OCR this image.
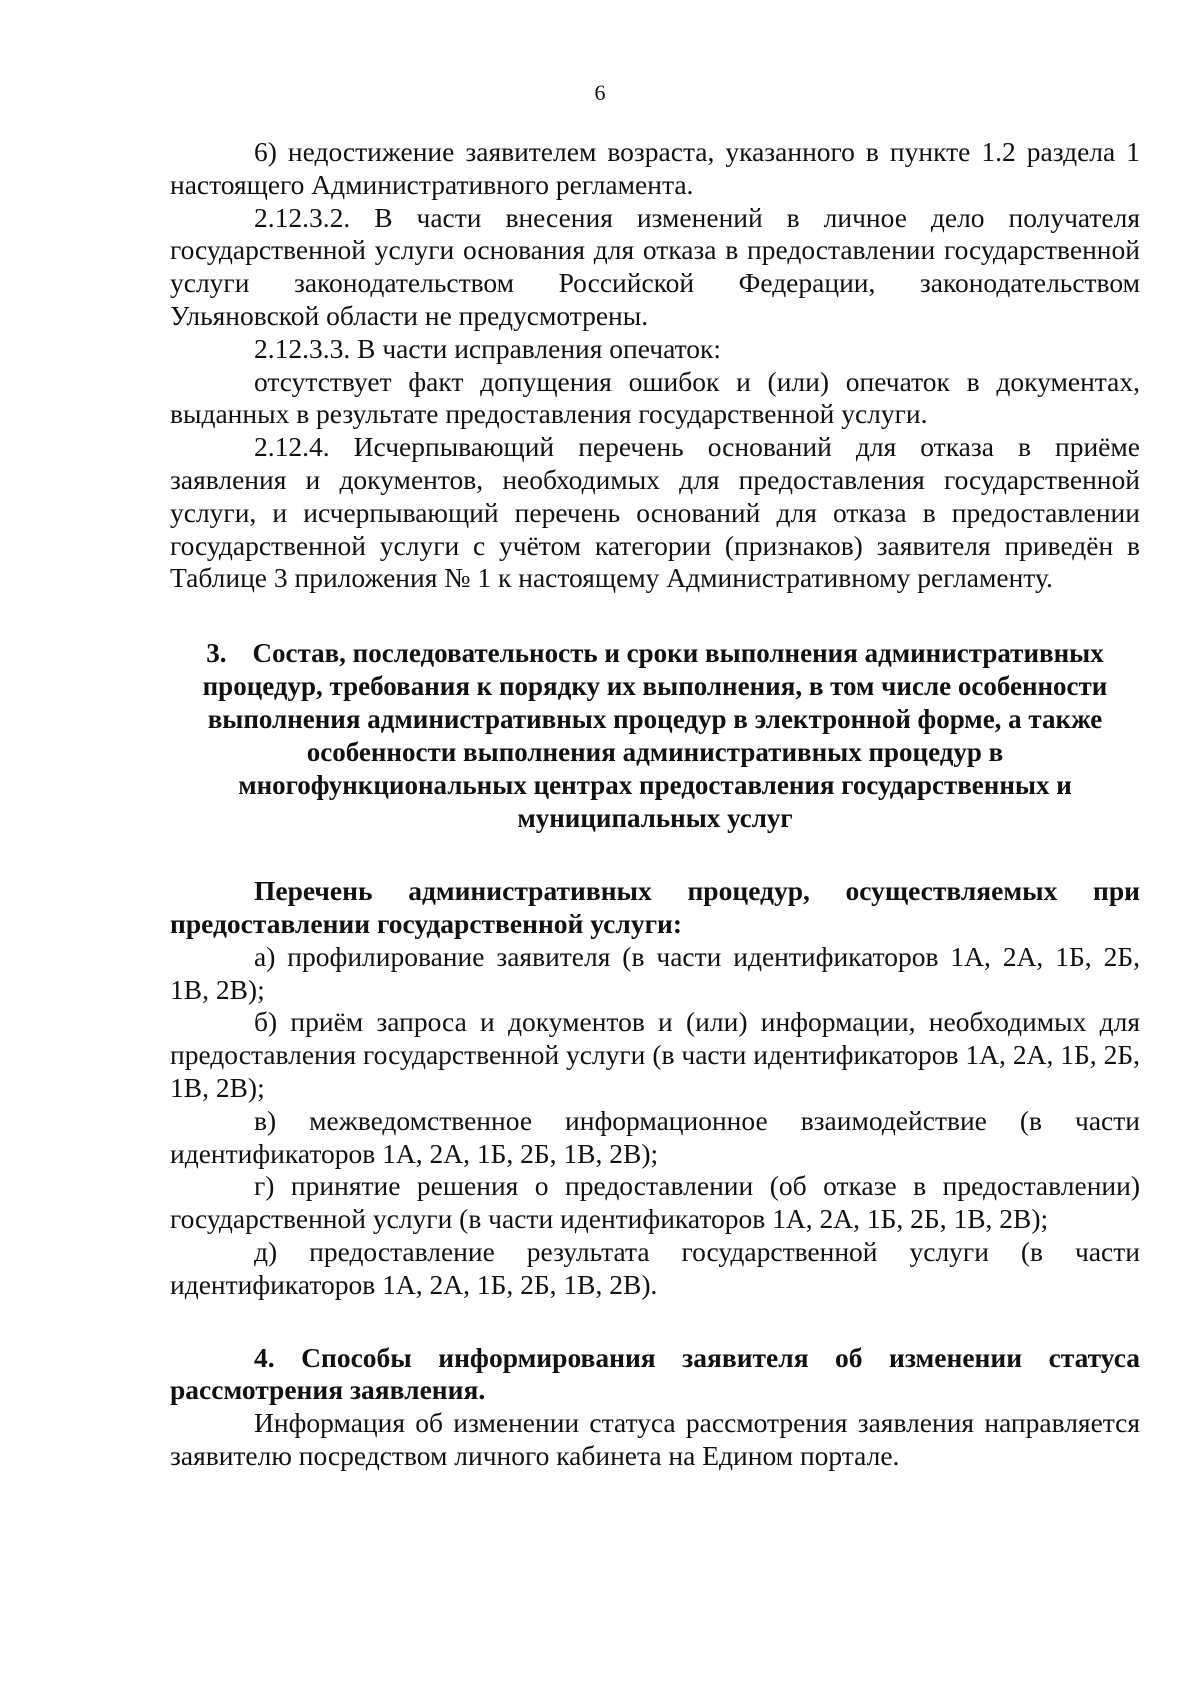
6

6) недостижение заявителем возраста, указанного в пункте 1.2 раздела 1 настоящего Административного регламента.

2.12.3.2. В части внесения изменений в личное дело получателя государственной услуги основания для отказа в предоставлении государственной услуги законодательством Российской Федерации, законодательством Ульяновской области не предусмотрены.

2.12.3.3. В части исправления опечаток:

отсутствует факт допущения ошибок и (или) опечаток в документах, выданных в результате предоставления государственной услуги.

2.12.4. Исчерпывающий перечень оснований для отказа в приёме заявления и документов, необходимых для предоставления государственной услуги, и исчерпывающий перечень оснований для отказа в предоставлении государственной услуги с учётом категории (признаков) заявителя приведён в Таблице 3 приложения № 1 к настоящему Административному регламенту.

3. Состав, последовательность и сроки выполнения административных процедур, требования к порядку их выполнения, в том числе особенности выполнения административных процедур в электронной форме, а также особенности выполнения административных процедур в многофункциональных центрах предоставления государственных и муниципальных услуг

Перечень административных процедур, осуществляемых при предоставлении государственной услуги:

а) профилирование заявителя (в части идентификаторов 1А, 2А, 1Б, 2Б, 1В, 2В);

б) приём запроса и документов и (или) информации, необходимых для предоставления государственной услуги (в части идентификаторов 1А, 2А, 1Б, 2Б, 1В, 2В);

в) межведомственное информационное взаимодействие (в части идентификаторов 1А, 2А, 1Б, 2Б, 1В, 2В);

г) принятие решения о предоставлении (об отказе в предоставлении) государственной услуги (в части идентификаторов 1А, 2А, 1Б, 2Б, 1В, 2В);

д) предоставление результата государственной услуги (в части идентификаторов 1А, 2А, 1Б, 2Б, 1В, 2В).

4. Способы информирования заявителя об изменении статуса рассмотрения заявления.

Информация об изменении статуса рассмотрения заявления направляется заявителю посредством личного кабинета на Едином портале.
